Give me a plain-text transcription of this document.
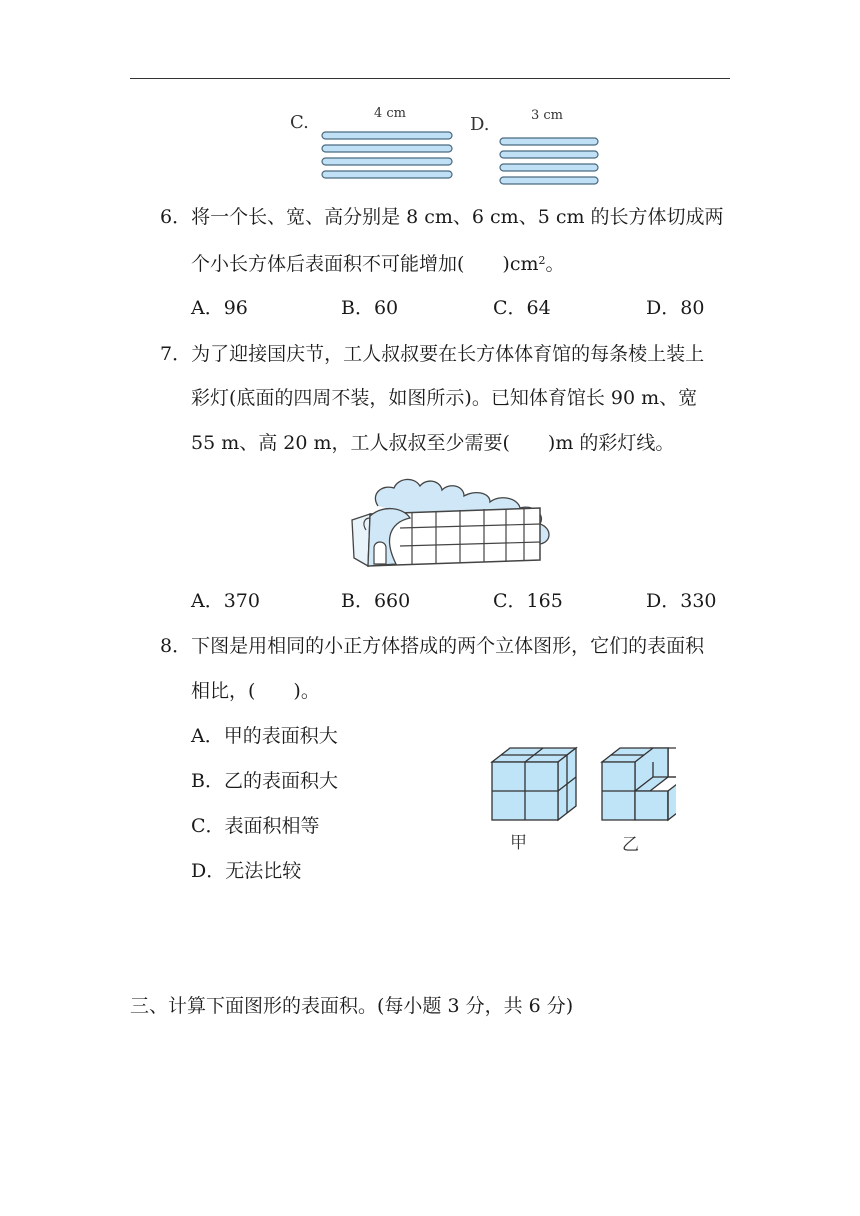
C.	4 cm
D.	3 cm
6．将一个长、宽、高分别是 8 cm、6 cm、5 cm 的长方体切成两
个小长方体后表面积不可能增加(　　)$cm^2$。
A．96	B．60	C．64	D．80
7．为了迎接国庆节，工人叔叔要在长方体体育馆的每条棱上装上
彩灯(底面的四周不装，如图所示)。已知体育馆长 90 m、宽
55 m、高 20 m，工人叔叔至少需要(　　)m 的彩灯线。
A．370	B．660	C．165	D．330
8．下图是用相同的小正方体搭成的两个立体图形，它们的表面积
相比，(　　)。
A．甲的表面积大
B．乙的表面积大
C．表面积相等
D．无法比较
甲	乙
三、计算下面图形的表面积。(每小题 3 分，共 6 分)
